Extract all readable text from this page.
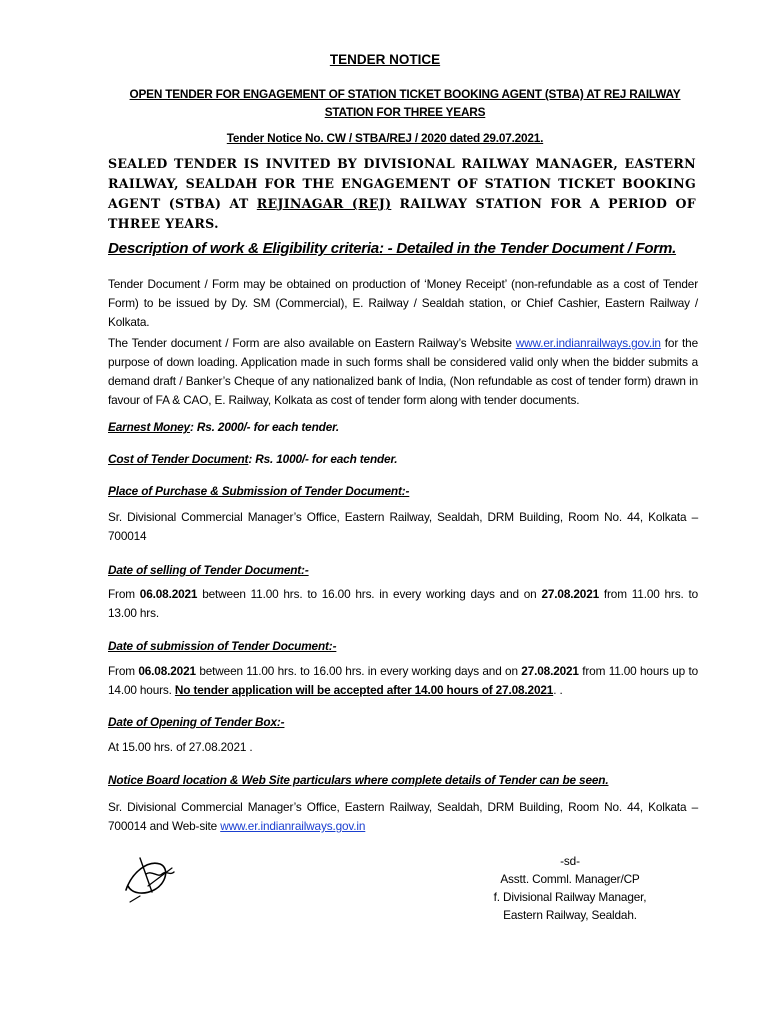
TENDER NOTICE
OPEN TENDER FOR ENGAGEMENT OF STATION TICKET BOOKING AGENT (STBA) AT REJ RAILWAY STATION FOR THREE YEARS
Tender Notice No. CW / STBA/REJ / 2020 dated 29.07.2021.
SEALED TENDER IS INVITED BY DIVISIONAL RAILWAY MANAGER, EASTERN RAILWAY, SEALDAH FOR THE ENGAGEMENT OF STATION TICKET BOOKING AGENT (STBA) AT REJINAGAR (REJ) RAILWAY STATION FOR A PERIOD OF THREE YEARS.
Description of work & Eligibility criteria: - Detailed in the Tender Document / Form.
Tender Document / Form may be obtained on production of ‘Money Receipt’ (non-refundable as a cost of Tender Form) to be issued by Dy. SM (Commercial), E. Railway / Sealdah station, or Chief Cashier, Eastern Railway / Kolkata.
The Tender document / Form are also available on Eastern Railway’s Website www.er.indianrailways.gov.in for the purpose of down loading. Application made in such forms shall be considered valid only when the bidder submits a demand draft / Banker’s Cheque of any nationalized bank of India, (Non refundable as cost of tender form) drawn in favour of FA & CAO, E. Railway, Kolkata as cost of tender form along with tender documents.
Earnest Money: Rs. 2000/- for each tender.
Cost of Tender Document: Rs. 1000/- for each tender.
Place of Purchase & Submission of Tender Document:-
Sr. Divisional Commercial Manager’s Office, Eastern Railway, Sealdah, DRM Building, Room No. 44, Kolkata – 700014
Date of selling of Tender Document:-
From 06.08.2021 between 11.00 hrs. to 16.00 hrs. in every working days and on 27.08.2021 from 11.00 hrs. to 13.00 hrs.
Date of submission of Tender Document:-
From 06.08.2021 between 11.00 hrs. to 16.00 hrs. in every working days and on 27.08.2021 from 11.00 hours up to 14.00 hours. No tender application will be accepted after 14.00 hours of 27.08.2021. .
Date of Opening of Tender Box:-
At 15.00 hrs. of 27.08.2021 .
Notice Board location & Web Site particulars where complete details of Tender can be seen.
Sr. Divisional Commercial Manager’s Office, Eastern Railway, Sealdah, DRM Building, Room No. 44, Kolkata – 700014 and Web-site www.er.indianrailways.gov.in
-sd-
Asstt. Comml. Manager/CP
f. Divisional Railway Manager,
Eastern Railway, Sealdah.
